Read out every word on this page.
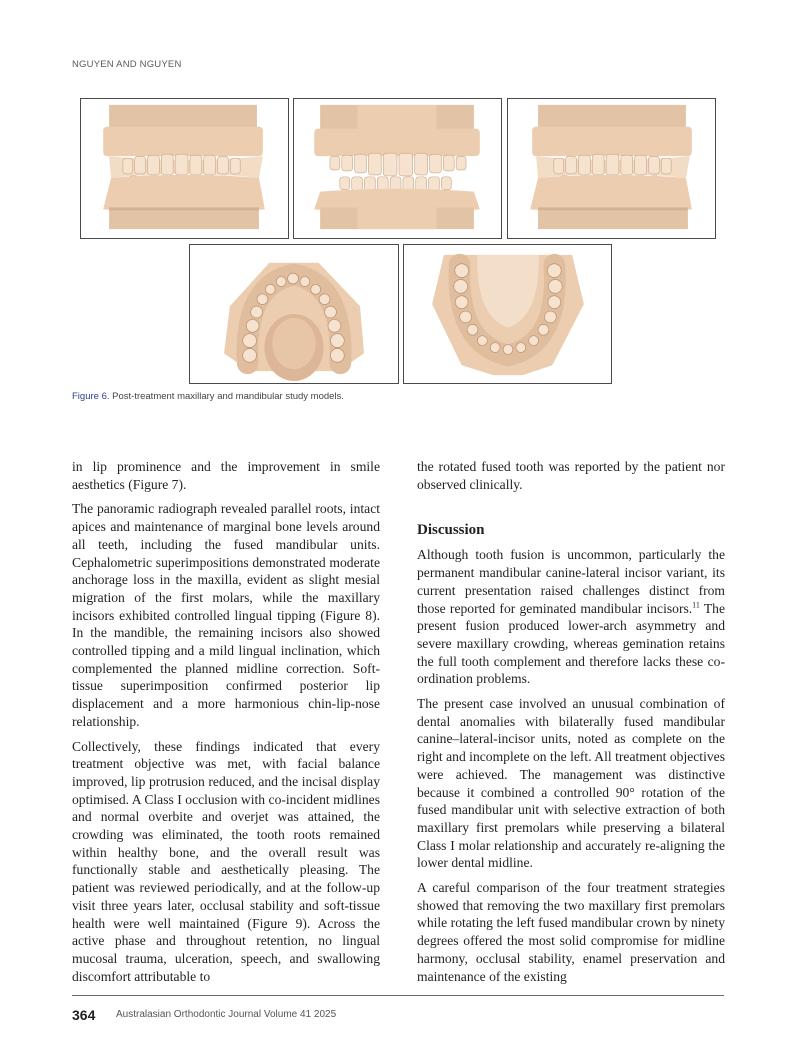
NGUYEN AND NGUYEN
Figure 6. Post-treatment maxillary and mandibular study models.

in lip prominence and the improvement in smile aesthetics (Figure 7).

The panoramic radiograph revealed parallel roots, intact apices and maintenance of marginal bone levels around all teeth, including the fused mandibular units. Cephalometric superimpositions demonstrated moderate anchorage loss in the maxilla, evident as slight mesial migration of the first molars, while the maxillary incisors exhibited controlled lingual tipping (Figure 8). In the mandible, the remaining incisors also showed controlled tipping and a mild lingual inclination, which complemented the planned midline correction. Soft-tissue superimposition confirmed posterior lip displacement and a more harmonious chin-lip-nose relationship.

Collectively, these findings indicated that every treatment objective was met, with facial balance improved, lip protrusion reduced, and the incisal display optimised. A Class I occlusion with co-incident midlines and normal overbite and overjet was attained, the crowding was eliminated, the tooth roots remained within healthy bone, and the overall result was functionally stable and aesthetically pleasing. The patient was reviewed periodically, and at the follow-up visit three years later, occlusal stability and soft-tissue health were well maintained (Figure 9). Across the active phase and throughout retention, no lingual mucosal trauma, ulceration, speech, and swallowing discomfort attributable to

the rotated fused tooth was reported by the patient nor observed clinically.

Discussion

Although tooth fusion is uncommon, particularly the permanent mandibular canine-lateral incisor variant, its current presentation raised challenges distinct from those reported for geminated mandibular incisors.$^{11}$ The present fusion produced lower-arch asymmetry and severe maxillary crowding, whereas gemination retains the full tooth complement and therefore lacks these co-ordination problems.

The present case involved an unusual combination of dental anomalies with bilaterally fused mandibular canine–lateral-incisor units, noted as complete on the right and incomplete on the left. All treatment objectives were achieved. The management was distinctive because it combined a controlled 90° rotation of the fused mandibular unit with selective extraction of both maxillary first premolars while preserving a bilateral Class I molar relationship and accurately re-aligning the lower dental midline.

A careful comparison of the four treatment strategies showed that removing the two maxillary first premolars while rotating the left fused mandibular crown by ninety degrees offered the most solid compromise for midline harmony, occlusal stability, enamel preservation and maintenance of the existing

364 Australasian Orthodontic Journal Volume 41 2025
